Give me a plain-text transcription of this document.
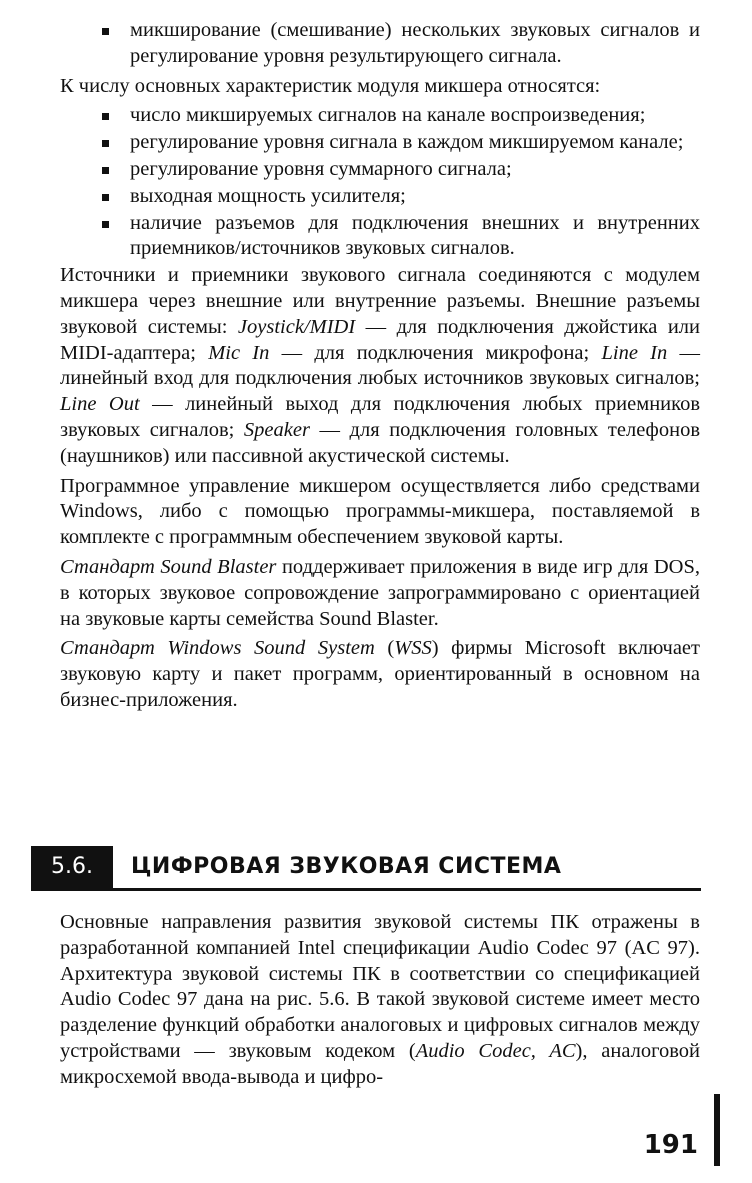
микширование (смешивание) нескольких звуковых сигналов и регулирование уровня результирующего сигнала.

К числу основных характеристик модуля микшера относятся:

число микшируемых сигналов на канале воспроизведения;
регулирование уровня сигнала в каждом микшируемом канале;
регулирование уровня суммарного сигнала;
выходная мощность усилителя;
наличие разъемов для подключения внешних и внутренних приемников/источников звуковых сигналов.

Источники и приемники звукового сигнала соединяются с модулем микшера через внешние или внутренние разъемы. Внешние разъемы звуковой системы: Joystick/MIDI — для подключения джойстика или MIDI-адаптера; Mic In — для подключения микрофона; Line In — линейный вход для подключения любых источников звуковых сигналов; Line Out — линейный выход для подключения любых приемников звуковых сигналов; Speaker — для подключения головных телефонов (наушников) или пассивной акустической системы.

Программное управление микшером осуществляется либо средствами Windows, либо с помощью программы-микшера, поставляемой в комплекте с программным обеспечением звуковой карты.

Стандарт Sound Blaster поддерживает приложения в виде игр для DOS, в которых звуковое сопровождение запрограммировано с ориентацией на звуковые карты семейства Sound Blaster.

Стандарт Windows Sound System (WSS) фирмы Microsoft включает звуковую карту и пакет программ, ориентированный в основном на бизнес-приложения.

5.6.	ЦИФРОВАЯ ЗВУКОВАЯ СИСТЕМА

Основные направления развития звуковой системы ПК отражены в разработанной компанией Intel спецификации Audio Codec 97 (AC 97). Архитектура звуковой системы ПК в соответствии со спецификацией Audio Codec 97 дана на рис. 5.6. В такой звуковой системе имеет место разделение функций обработки аналоговых и цифровых сигналов между устройствами — звуковым кодеком (Audio Codec, AC), аналоговой микросхемой ввода-вывода и цифро-

191
